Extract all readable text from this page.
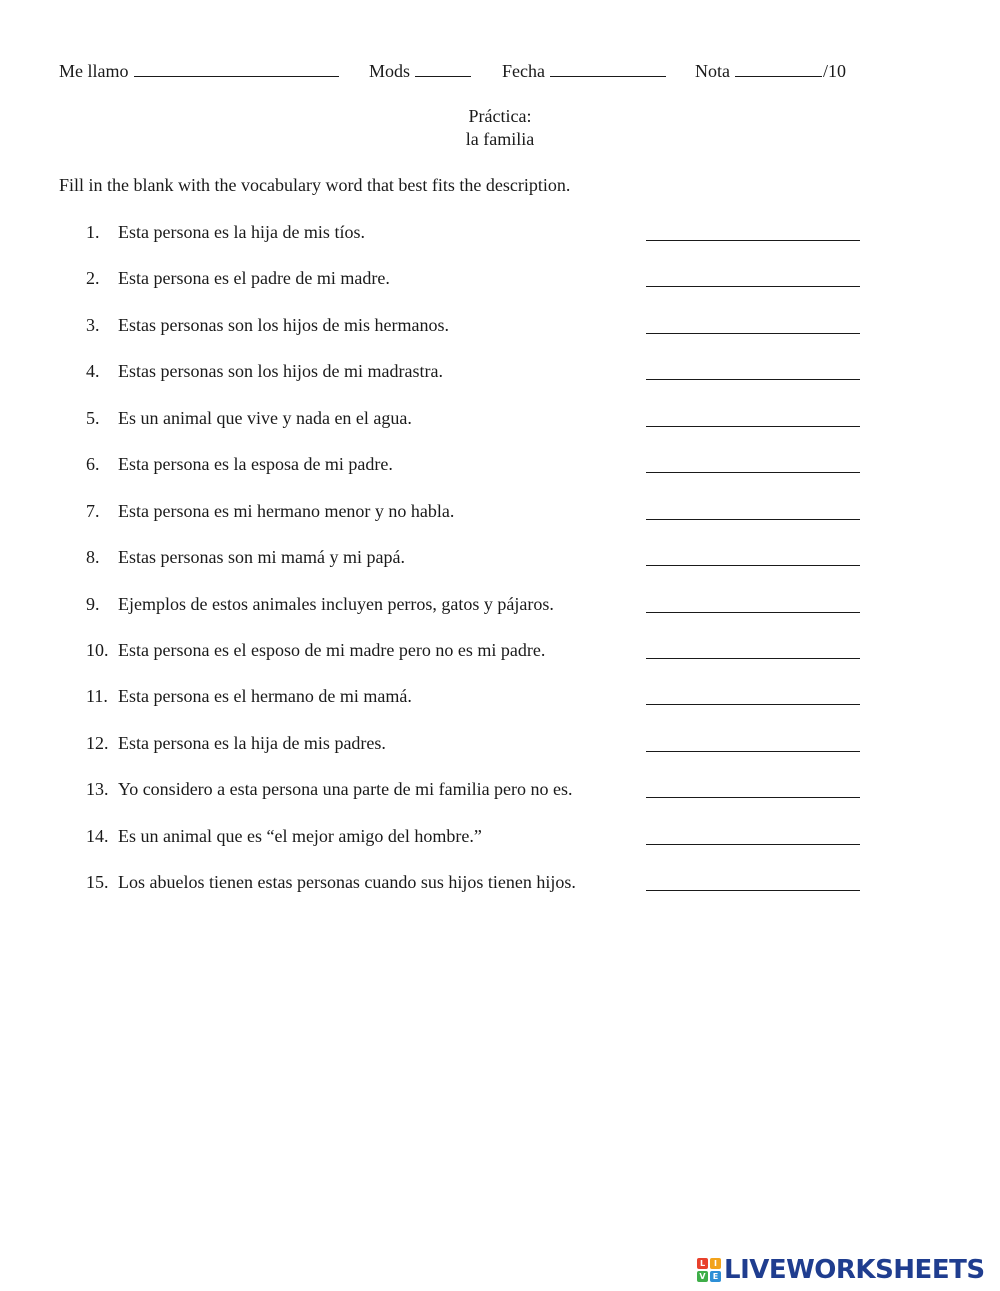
Me llamo	Mods	Fecha	Nota	/10
Práctica:
la familia
Fill in the blank with the vocabulary word that best fits the description.
1. Esta persona es la hija de mis tíos.
2. Esta persona es el padre de mi madre.
3. Estas personas son los hijos de mis hermanos.
4. Estas personas son los hijos de mi madrastra.
5. Es un animal que vive y nada en el agua.
6. Esta persona es la esposa de mi padre.
7. Esta persona es mi hermano menor y no habla.
8. Estas personas son mi mamá y mi papá.
9. Ejemplos de estos animales incluyen perros, gatos y pájaros.
10. Esta persona es el esposo de mi madre pero no es mi padre.
11. Esta persona es el hermano de mi mamá.
12. Esta persona es la hija de mis padres.
13. Yo considero a esta persona una parte de mi familia pero no es.
14. Es un animal que es “el mejor amigo del hombre.”
15. Los abuelos tienen estas personas cuando sus hijos tienen hijos.
L	I
V E LIVEWORKSHEETS
